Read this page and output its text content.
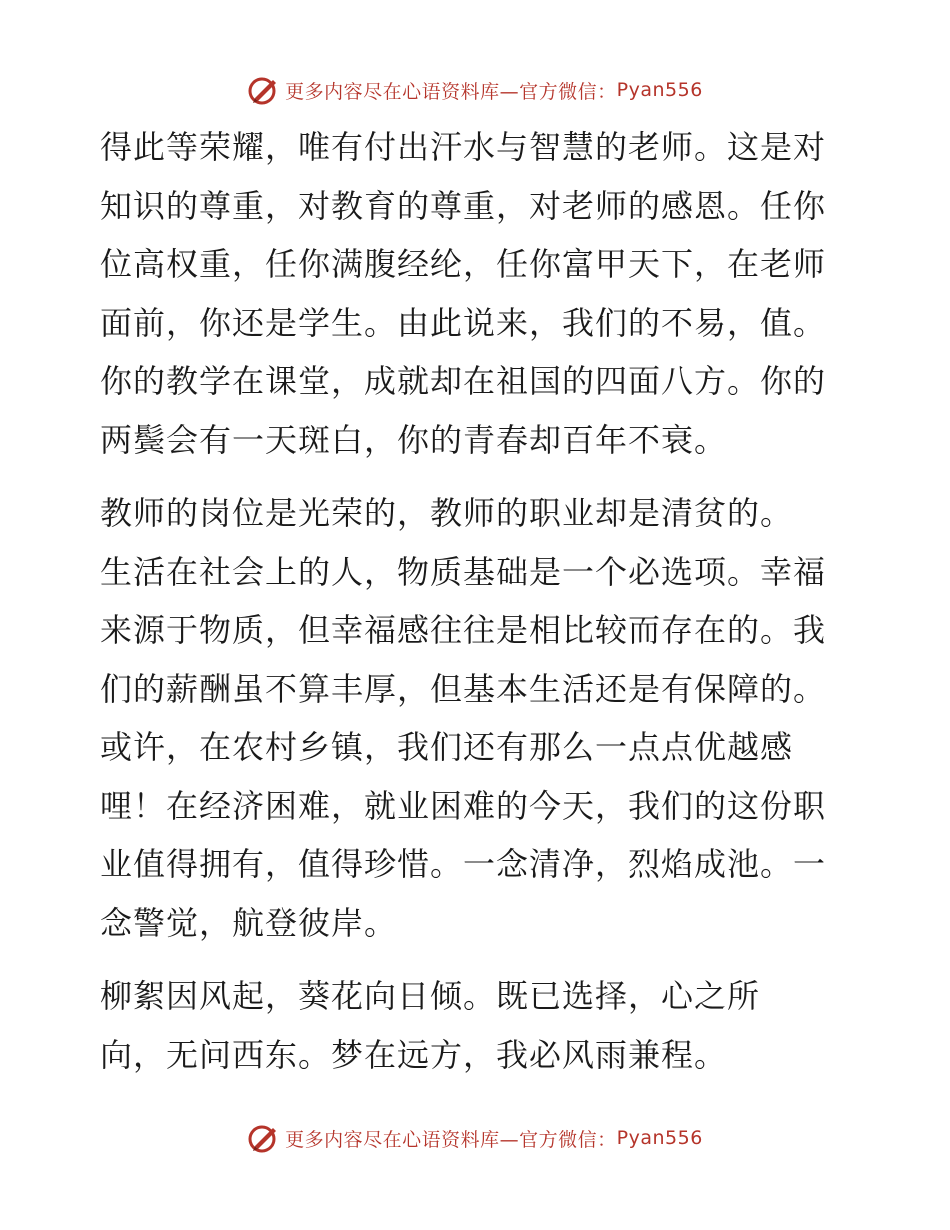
更多内容尽在心语资料库—官方微信： Pyan556

得此等荣耀，唯有付出汗水与智慧的老师。这是对
知识的尊重，对教育的尊重，对老师的感恩。任你
位高权重，任你满腹经纶，任你富甲天下，在老师
面前，你还是学生。由此说来，我们的不易，值。
你的教学在课堂，成就却在祖国的四面八方。你的
两鬓会有一天斑白，你的青春却百年不衰。

教师的岗位是光荣的，教师的职业却是清贫的。
生活在社会上的人，物质基础是一个必选项。幸福
来源于物质，但幸福感往往是相比较而存在的。我
们的薪酬虽不算丰厚，但基本生活还是有保障的。
或许，在农村乡镇，我们还有那么一点点优越感
哩！在经济困难，就业困难的今天，我们的这份职
业值得拥有，值得珍惜。一念清净，烈焰成池。一
念警觉，航登彼岸。

柳絮因风起，葵花向日倾。既已选择，心之所
向，无问西东。梦在远方，我必风雨兼程。

更多内容尽在心语资料库—官方微信： Pyan556
